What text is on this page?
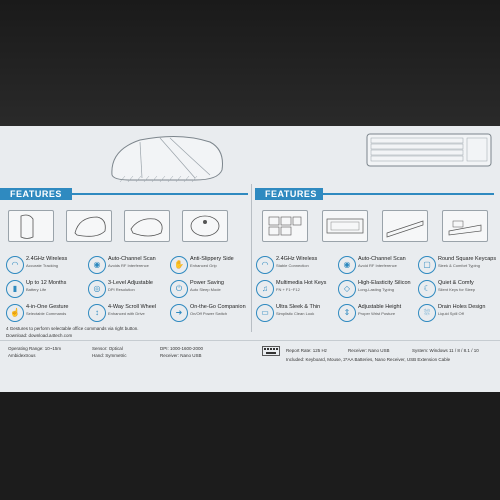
FEATURES	FEATURES
◠
2.4GHz Wireless
Accurate Tracking	◉
Auto-Channel Scan
Avoids RF Interference	✋
Anti-Slippery Side
Enhanced Grip
▮
Up to 12 Months
Battery Life	◎
3-Level Adjustable
DPI Resolution	⏻
Power Saving
Auto Sleep Mode
☝
4-in-One Gesture
Selectable Commands	↕
4-Way Scroll Wheel
Enhanced with Drive	➜
On-the-Go Companion
On/Off Power Switch
◠
2.4GHz Wireless
Stable Connection	◉
Auto-Channel Scan
Avoid RF Interference	▢
Round Square Keycaps
Sleek & Comfort Typing
♫
Multimedia Hot Keys
FN + F1~F12	◇
High-Elasticity Silicon
Long-Lasting Typing	☾
Quiet & Comfy
Silent Keys for Sleep
▭
Ultra Sleek & Thin
Simplistic Clean Look	⇕
Adjustable Height
Proper Wrist Posture	⛆
Drain Holes Design
Liquid Spill Off
4 Gestures to perform selectable office commands via right button.
Download: download.a4tech.com
Operating Range: 10~15m
Ambidextrous
Sensor: Optical
Hand: Symmetric
DPI: 1000-1600-2000
Receiver: Nano USB
Report Rate: 125 Hz	Receiver: Nano USB	System: Windows 11 / 8 / 8.1 / 10
Included: Keyboard, Mouse, 2*AA Batteries, Nano Receiver, USB Extension Cable
